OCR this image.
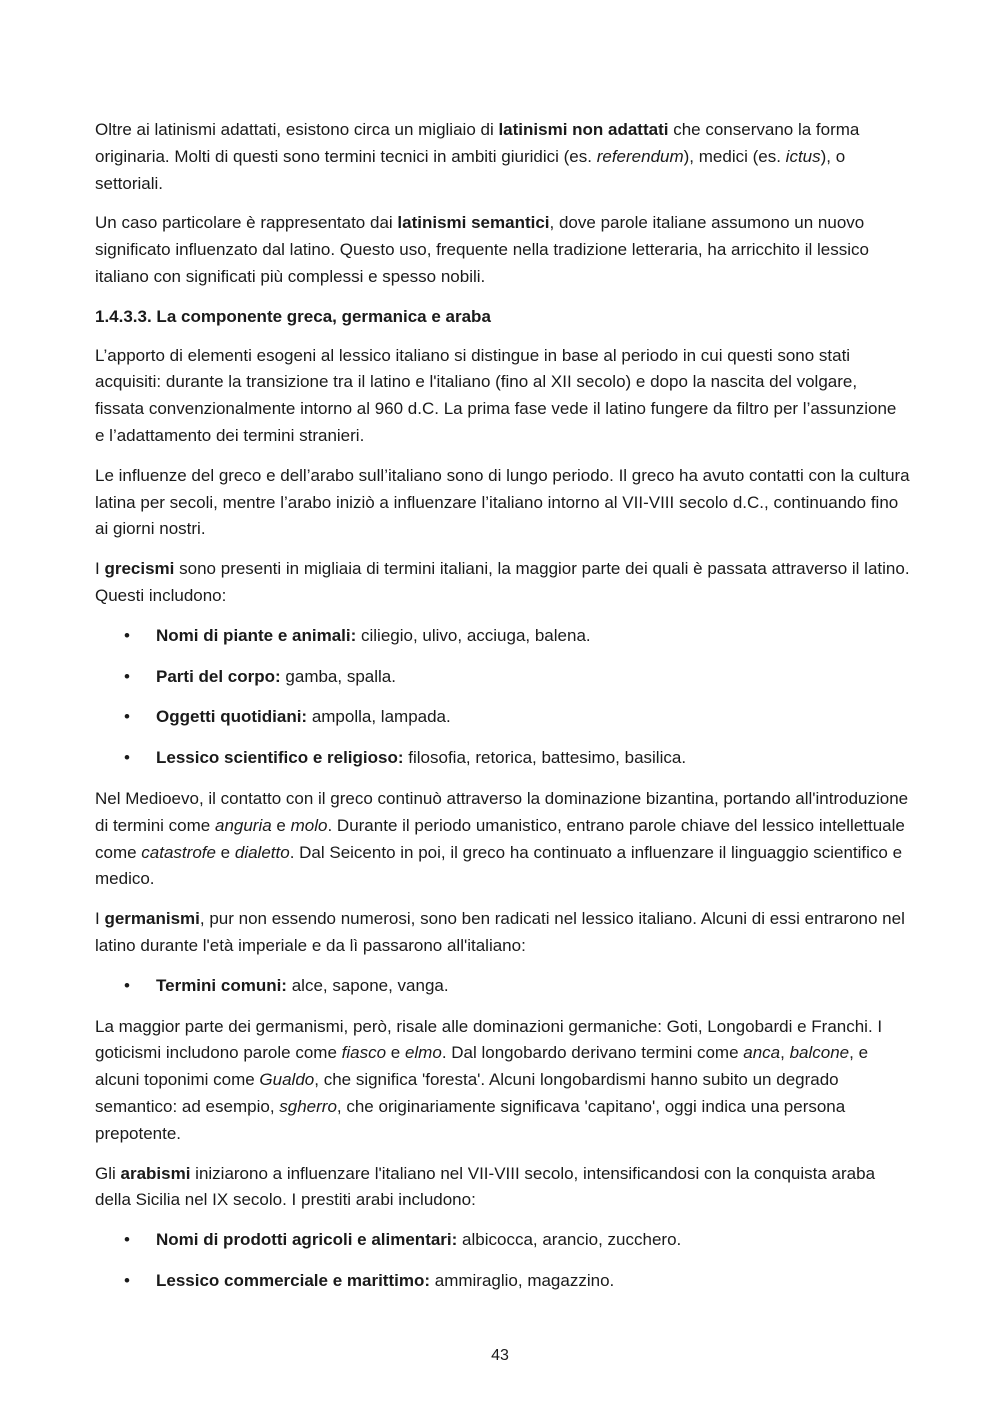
Oltre ai latinismi adattati, esistono circa un migliaio di latinismi non adattati che conservano la forma originaria. Molti di questi sono termini tecnici in ambiti giuridici (es. referendum), medici (es. ictus), o settoriali.

Un caso particolare è rappresentato dai latinismi semantici, dove parole italiane assumono un nuovo significato influenzato dal latino. Questo uso, frequente nella tradizione letteraria, ha arricchito il lessico italiano con significati più complessi e spesso nobili.

1.4.3.3. La componente greca, germanica e araba

L’apporto di elementi esogeni al lessico italiano si distingue in base al periodo in cui questi sono stati acquisiti: durante la transizione tra il latino e l'italiano (fino al XII secolo) e dopo la nascita del volgare, fissata convenzionalmente intorno al 960 d.C. La prima fase vede il latino fungere da filtro per l’assunzione e l’adattamento dei termini stranieri.

Le influenze del greco e dell’arabo sull’italiano sono di lungo periodo. Il greco ha avuto contatti con la cultura latina per secoli, mentre l’arabo iniziò a influenzare l’italiano intorno al VII-VIII secolo d.C., continuando fino ai giorni nostri.

I grecismi sono presenti in migliaia di termini italiani, la maggior parte dei quali è passata attraverso il latino. Questi includono:

• Nomi di piante e animali: ciliegio, ulivo, acciuga, balena.
• Parti del corpo: gamba, spalla.
• Oggetti quotidiani: ampolla, lampada.
• Lessico scientifico e religioso: filosofia, retorica, battesimo, basilica.

Nel Medioevo, il contatto con il greco continuò attraverso la dominazione bizantina, portando all'introduzione di termini come anguria e molo. Durante il periodo umanistico, entrano parole chiave del lessico intellettuale come catastrofe e dialetto. Dal Seicento in poi, il greco ha continuato a influenzare il linguaggio scientifico e medico.

I germanismi, pur non essendo numerosi, sono ben radicati nel lessico italiano. Alcuni di essi entrarono nel latino durante l'età imperiale e da lì passarono all'italiano:

• Termini comuni: alce, sapone, vanga.

La maggior parte dei germanismi, però, risale alle dominazioni germaniche: Goti, Longobardi e Franchi. I goticismi includono parole come fiasco e elmo. Dal longobardo derivano termini come anca, balcone, e alcuni toponimi come Gualdo, che significa 'foresta'. Alcuni longobardismi hanno subito un degrado semantico: ad esempio, sgherro, che originariamente significava 'capitano', oggi indica una persona prepotente.

Gli arabismi iniziarono a influenzare l'italiano nel VII-VIII secolo, intensificandosi con la conquista araba della Sicilia nel IX secolo. I prestiti arabi includono:

• Nomi di prodotti agricoli e alimentari: albicocca, arancio, zucchero.
• Lessico commerciale e marittimo: ammiraglio, magazzino.
43
